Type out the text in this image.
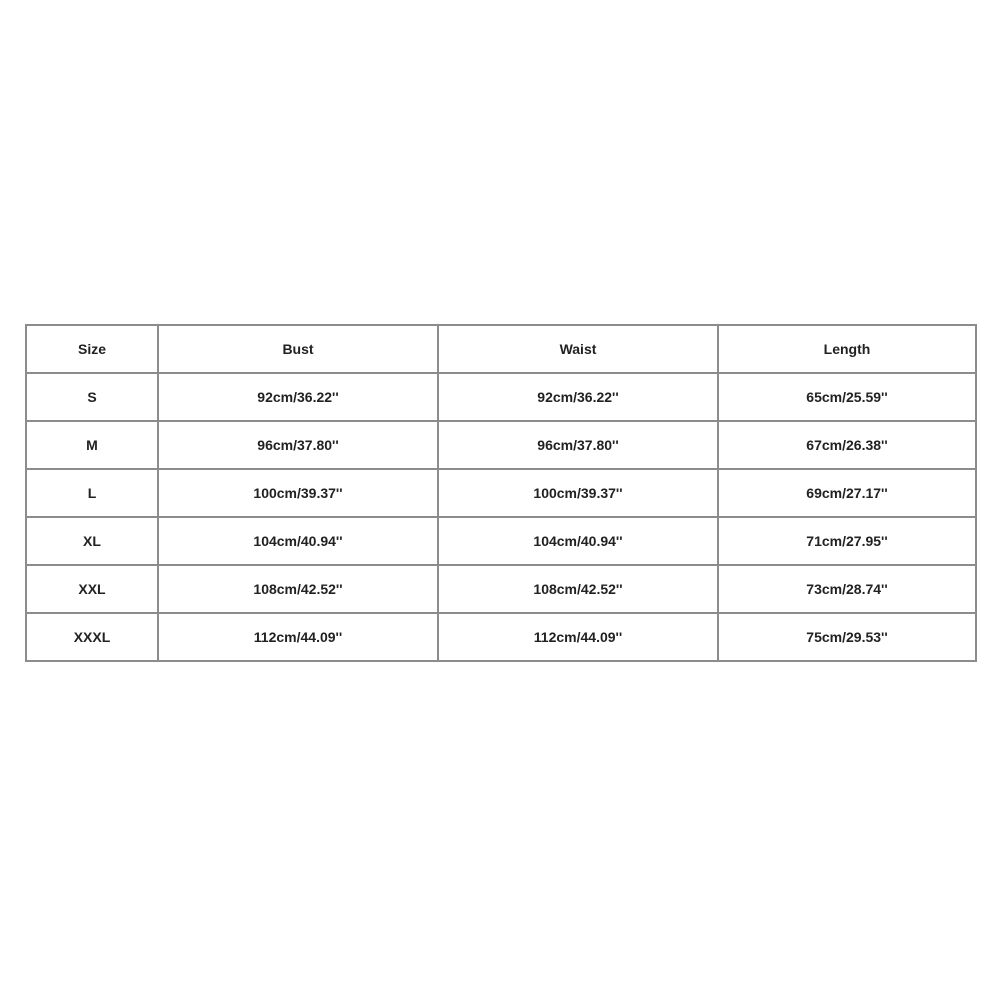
Size	Bust	Waist	Length
S	92cm/36.22''	92cm/36.22''	65cm/25.59''
M	96cm/37.80''	96cm/37.80''	67cm/26.38''
L	100cm/39.37''	100cm/39.37''	69cm/27.17''
XL	104cm/40.94''	104cm/40.94''	71cm/27.95''
XXL	108cm/42.52''	108cm/42.52''	73cm/28.74''
XXXL	112cm/44.09''	112cm/44.09''	75cm/29.53''
